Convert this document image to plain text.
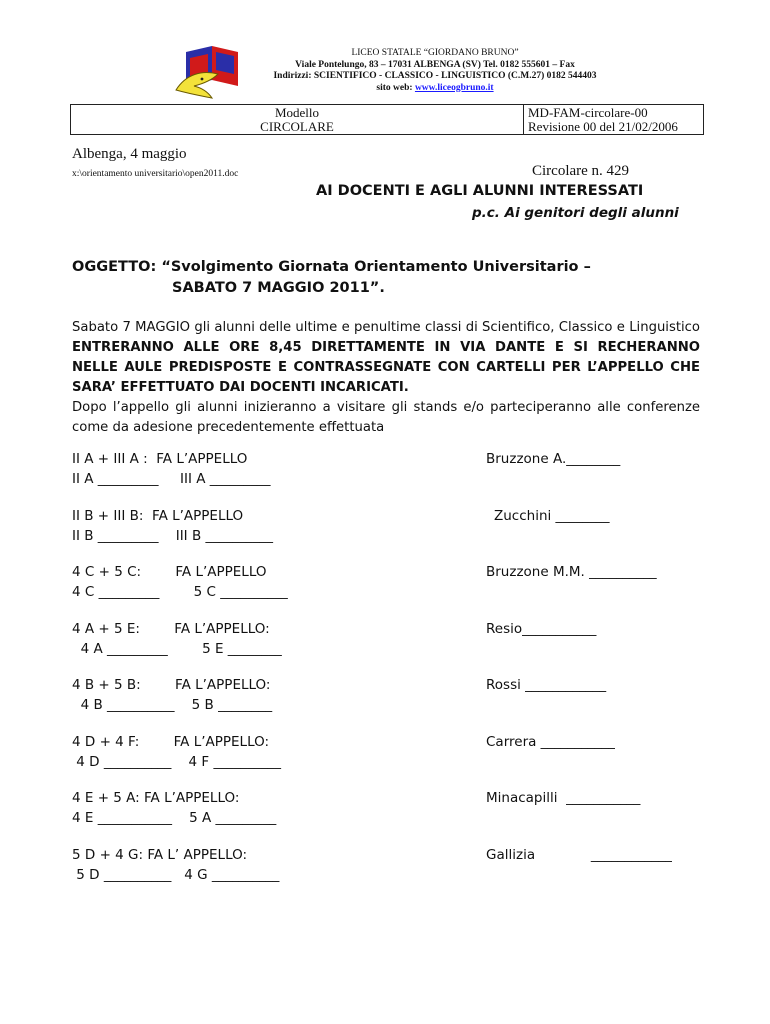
LICEO STATALE “GIORDANO BRUNO”
Viale Pontelungo, 83 – 17031 ALBENGA (SV) Tel. 0182 555601 – Fax
Indirizzi: SCIENTIFICO - CLASSICO - LINGUISTICO (C.M.27) 0182 544403
sito web: www.liceogbruno.it
Modello
CIRCOLARE
MD-FAM-circolare-00
Revisione 00 del 21/02/2006
Albenga, 4 maggio
x:\orientamento universitario\open2011.doc	Circolare n. 429
AI DOCENTI E AGLI ALUNNI INTERESSATI
p.c. Ai genitori degli alunni
OGGETTO: “Svolgimento Giornata Orientamento Universitario –
SABATO 7 MAGGIO 2011”.

Sabato 7 MAGGIO gli alunni delle ultime e penultime classi di Scientifico, Classico e Linguistico ENTRERANNO ALLE ORE 8,45 DIRETTAMENTE IN VIA DANTE E SI RECHERANNO NELLE AULE PREDISPOSTE E CONTRASSEGNATE CON CARTELLI PER L’APPELLO CHE SARA’ EFFETTUATO DAI DOCENTI INCARICATI.

Dopo l’appello gli alunni inizieranno a visitare gli stands e/o parteciperanno alle conferenze come da adesione precedentemente effettuata

II A + III A :  FA L’APPELLO
II A _________     III A _________
Bruzzone A.________
II B + III B:  FA L’APPELLO
II B _________    III B __________
Zucchini ________
4 C + 5 C:        FA L’APPELLO
4 C _________        5 C __________
Bruzzone M.M. __________
4 A + 5 E:        FA L’APPELLO:
4 A _________        5 E ________
Resio___________
4 B + 5 B:        FA L’APPELLO:
4 B __________    5 B ________
Rossi ____________
4 D + 4 F:        FA L’APPELLO:
4 D __________    4 F __________
Carrera ___________
4 E + 5 A: FA L’APPELLO:
4 E ___________    5 A _________
Minacapilli  ___________
5 D + 4 G: FA L’ APPELLO:
5 D __________   4 G __________
Gallizia             ____________
